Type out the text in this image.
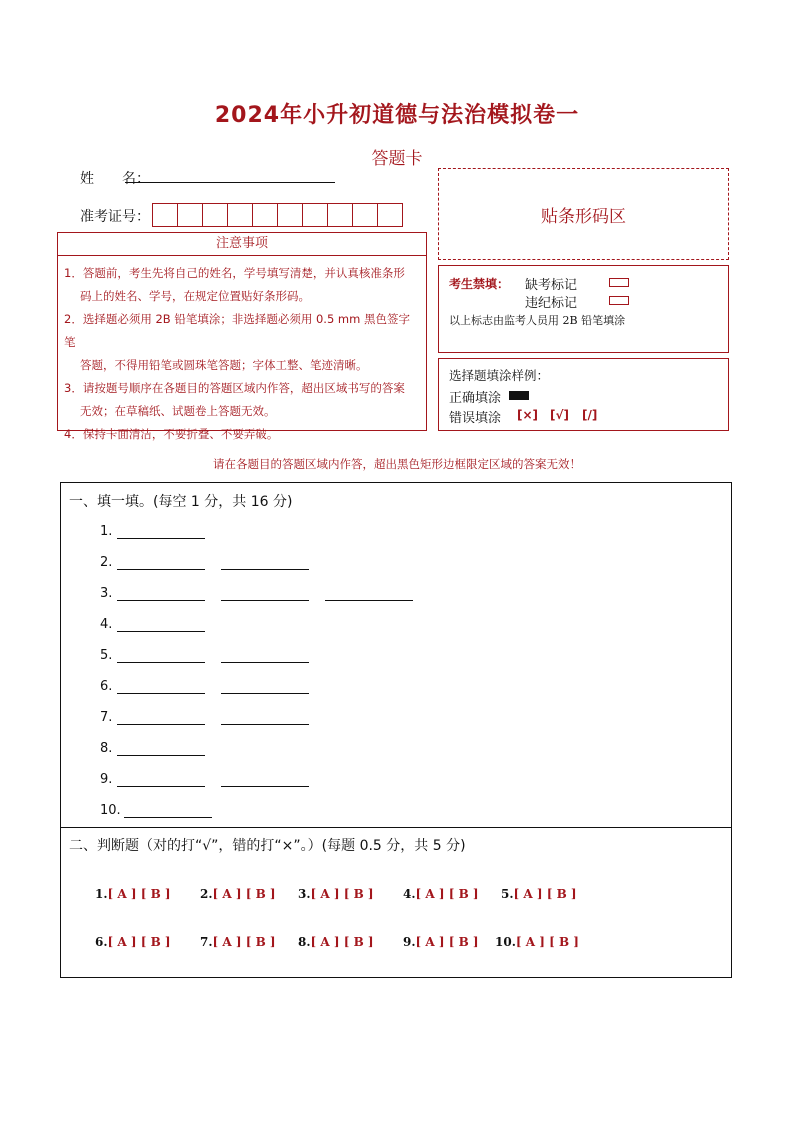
2024年小升初道德与法治模拟卷一
答题卡
姓　　名：
准考证号：	贴条形码区
注意事项
1．答题前，考生先将自己的姓名，学号填写清楚，并认真核准条形
码上的姓名、学号，在规定位置贴好条形码。
2．选择题必须用 2B 铅笔填涂；非选择题必须用 0.5 mm 黑色签字笔
答题，不得用铅笔或圆珠笔答题；字体工整、笔迹清晰。
3．请按题号顺序在各题目的答题区域内作答，超出区域书写的答案
无效；在草稿纸、试题卷上答题无效。
4．保持卡面清洁，不要折叠、不要弄破。
考生禁填： 缺考标记
违纪标记
以上标志由监考人员用 2B 铅笔填涂
选择题填涂样例：
正确填涂
错误填涂 [×] [√] [/]
请在各题目的答题区域内作答，超出黑色矩形边框限定区域的答案无效！
一、填一填。(每空 1 分，共 16 分)
1.
2.
3.
4.
5.
6.
7.
8.
9.
10.
二、判断题（对的打“√”，错的打“×”。）(每题 0.5 分，共 5 分)
1.[ A ] [ B ] 2.[ A ] [ B ] 3.[ A ] [ B ] 4.[ A ] [ B ] 5.[ A ] [ B ]
6.[ A ] [ B ] 7.[ A ] [ B ] 8.[ A ] [ B ] 9.[ A ] [ B ] 10.[ A ] [ B ]
